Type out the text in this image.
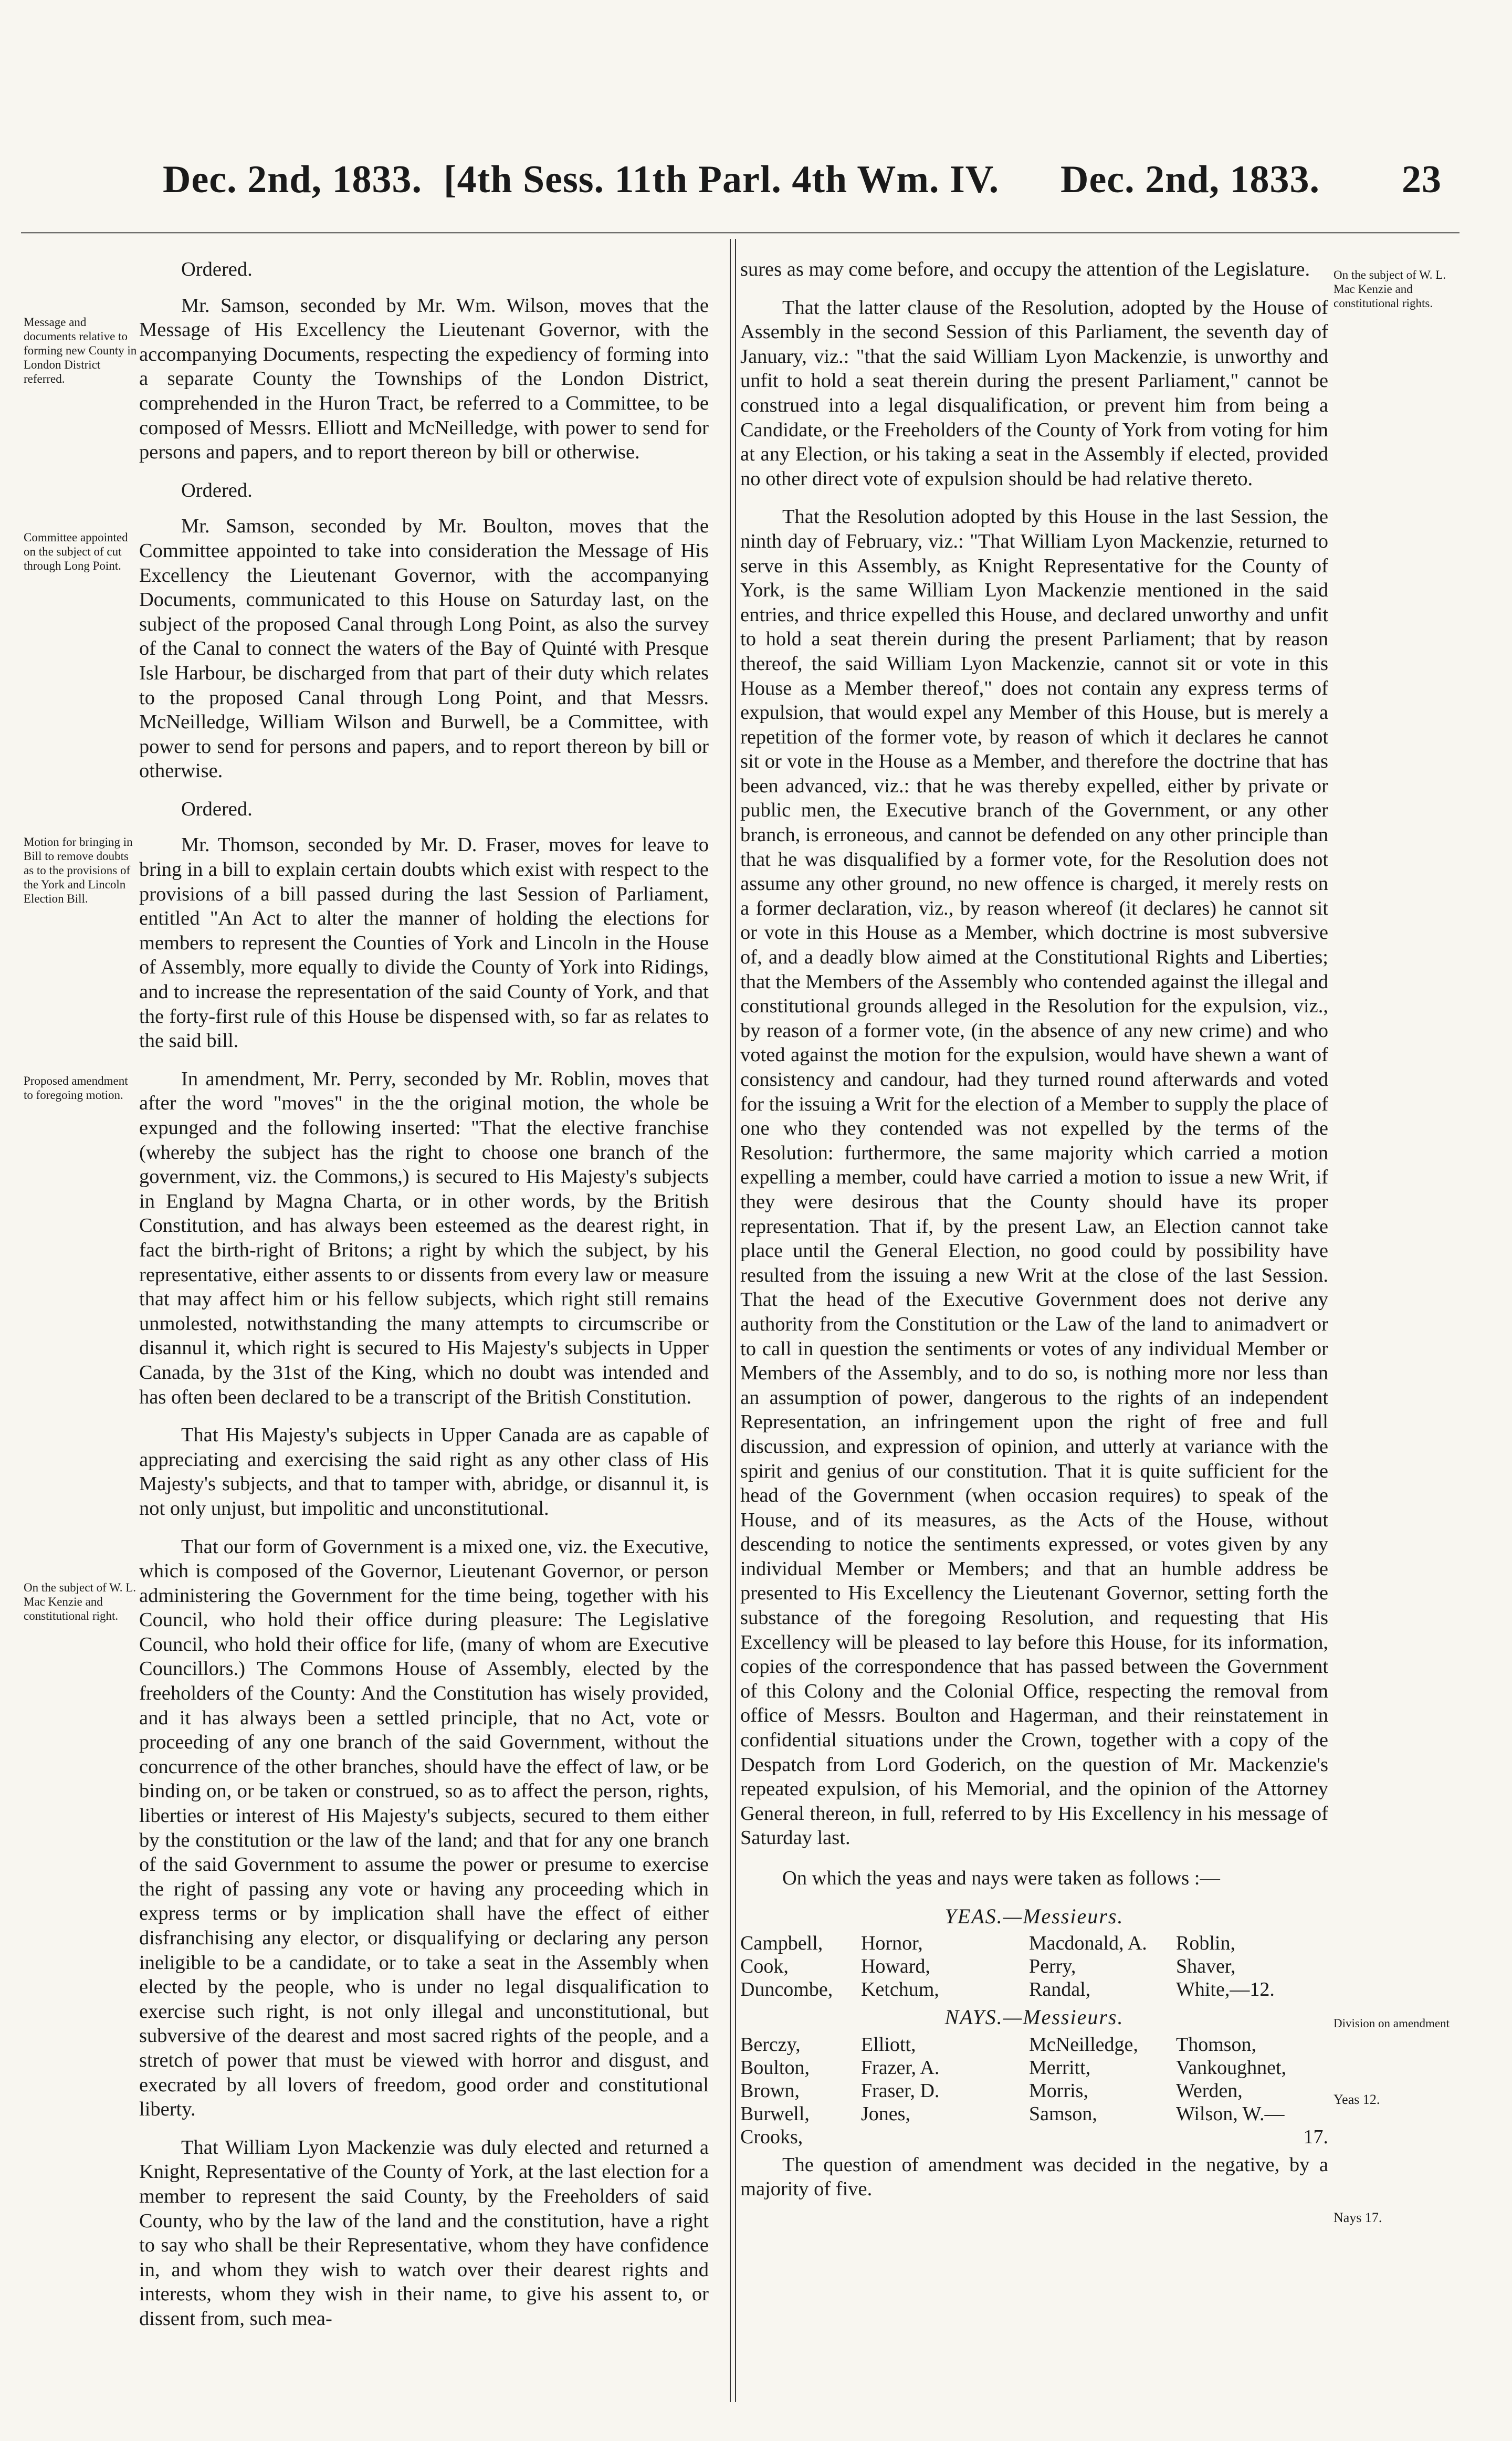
Dec. 2nd, 1833. [4th Sess. 11th Parl. 4th Wm. IV. Dec. 2nd, 1833. 23
Message and documents relative to forming new County in London District referred.
Committee appointed on the subject of cut through Long Point.
Motion for bringing in Bill to remove doubts as to the provisions of the York and Lincoln Election Bill.
Proposed amendment to foregoing motion.
On the subject of W. L. Mac Kenzie and constitutional right.
On the subject of W. L. Mac Kenzie and constitutional rights.
Division on amendment
Yeas 12.
Nays 17.

Ordered.

Mr. Samson, seconded by Mr. Wm. Wilson, moves that the Message of His Excellency the Lieutenant Governor, with the accompanying Documents, respecting the expediency of forming into a separate County the Townships of the London District, comprehended in the Huron Tract, be referred to a Committee, to be composed of Messrs. Elliott and McNeilledge, with power to send for persons and papers, and to report thereon by bill or otherwise.

Ordered.

Mr. Samson, seconded by Mr. Boulton, moves that the Committee appointed to take into consideration the Message of His Excellency the Lieutenant Governor, with the accompanying Documents, communicated to this House on Saturday last, on the subject of the proposed Canal through Long Point, as also the survey of the Canal to connect the waters of the Bay of Quinté with Presque Isle Harbour, be discharged from that part of their duty which relates to the proposed Canal through Long Point, and that Messrs. McNeilledge, William Wilson and Burwell, be a Committee, with power to send for persons and papers, and to report thereon by bill or otherwise.

Ordered.

Mr. Thomson, seconded by Mr. D. Fraser, moves for leave to bring in a bill to explain certain doubts which exist with respect to the provisions of a bill passed during the last Session of Parliament, entitled "An Act to alter the manner of holding the elections for members to represent the Counties of York and Lincoln in the House of Assembly, more equally to divide the County of York into Ridings, and to increase the representation of the said County of York, and that the forty-first rule of this House be dispensed with, so far as relates to the said bill.

In amendment, Mr. Perry, seconded by Mr. Roblin, moves that after the word "moves" in the the original motion, the whole be expunged and the following inserted: "That the elective franchise (whereby the subject has the right to choose one branch of the government, viz. the Commons,) is secured to His Majesty's subjects in England by Magna Charta, or in other words, by the British Constitution, and has always been esteemed as the dearest right, in fact the birth-right of Britons; a right by which the subject, by his representative, either assents to or dissents from every law or measure that may affect him or his fellow subjects, which right still remains unmolested, notwithstanding the many attempts to circumscribe or disannul it, which right is secured to His Majesty's subjects in Upper Canada, by the 31st of the King, which no doubt was intended and has often been declared to be a transcript of the British Constitution.

That His Majesty's subjects in Upper Canada are as capable of appreciating and exercising the said right as any other class of His Majesty's subjects, and that to tamper with, abridge, or disannul it, is not only unjust, but impolitic and unconstitutional.

That our form of Government is a mixed one, viz. the Executive, which is composed of the Governor, Lieutenant Governor, or person administering the Government for the time being, together with his Council, who hold their office during pleasure: The Legislative Council, who hold their office for life, (many of whom are Executive Councillors.) The Commons House of Assembly, elected by the freeholders of the County: And the Constitution has wisely provided, and it has always been a settled principle, that no Act, vote or proceeding of any one branch of the said Government, without the concurrence of the other branches, should have the effect of law, or be binding on, or be taken or construed, so as to affect the person, rights, liberties or interest of His Majesty's subjects, secured to them either by the constitution or the law of the land; and that for any one branch of the said Government to assume the power or presume to exercise the right of passing any vote or having any proceeding which in express terms or by implication shall have the effect of either disfranchising any elector, or disqualifying or declaring any person ineligible to be a candidate, or to take a seat in the Assembly when elected by the people, who is under no legal disqualification to exercise such right, is not only illegal and unconstitutional, but subversive of the dearest and most sacred rights of the people, and a stretch of power that must be viewed with horror and disgust, and execrated by all lovers of freedom, good order and constitutional liberty.

That William Lyon Mackenzie was duly elected and returned a Knight, Representative of the County of York, at the last election for a member to represent the said County, by the Freeholders of said County, who by the law of the land and the constitution, have a right to say who shall be their Representative, whom they have confidence in, and whom they wish to watch over their dearest rights and interests, whom they wish in their name, to give his assent to, or dissent from, such mea-

sures as may come before, and occupy the attention of the Legislature.

That the latter clause of the Resolution, adopted by the House of Assembly in the second Session of this Parliament, the seventh day of January, viz.: "that the said William Lyon Mackenzie, is unworthy and unfit to hold a seat therein during the present Parliament," cannot be construed into a legal disqualification, or prevent him from being a Candidate, or the Freeholders of the County of York from voting for him at any Election, or his taking a seat in the Assembly if elected, provided no other direct vote of expulsion should be had relative thereto.

That the Resolution adopted by this House in the last Session, the ninth day of February, viz.: "That William Lyon Mackenzie, returned to serve in this Assembly, as Knight Representative for the County of York, is the same William Lyon Mackenzie mentioned in the said entries, and thrice expelled this House, and declared unworthy and unfit to hold a seat therein during the present Parliament; that by reason thereof, the said William Lyon Mackenzie, cannot sit or vote in this House as a Member thereof," does not contain any express terms of expulsion, that would expel any Member of this House, but is merely a repetition of the former vote, by reason of which it declares he cannot sit or vote in the House as a Member, and therefore the doctrine that has been advanced, viz.: that he was thereby expelled, either by private or public men, the Executive branch of the Government, or any other branch, is erroneous, and cannot be defended on any other principle than that he was disqualified by a former vote, for the Resolution does not assume any other ground, no new offence is charged, it merely rests on a former declaration, viz., by reason whereof (it declares) he cannot sit or vote in this House as a Member, which doctrine is most subversive of, and a deadly blow aimed at the Constitutional Rights and Liberties; that the Members of the Assembly who contended against the illegal and constitutional grounds alleged in the Resolution for the expulsion, viz., by reason of a former vote, (in the absence of any new crime) and who voted against the motion for the expulsion, would have shewn a want of consistency and candour, had they turned round afterwards and voted for the issuing a Writ for the election of a Member to supply the place of one who they contended was not expelled by the terms of the Resolution: furthermore, the same majority which carried a motion expelling a member, could have carried a motion to issue a new Writ, if they were desirous that the County should have its proper representation. That if, by the present Law, an Election cannot take place until the General Election, no good could by possibility have resulted from the issuing a new Writ at the close of the last Session. That the head of the Executive Government does not derive any authority from the Constitution or the Law of the land to animadvert or to call in question the sentiments or votes of any individual Member or Members of the Assembly, and to do so, is nothing more nor less than an assumption of power, dangerous to the rights of an independent Representation, an infringement upon the right of free and full discussion, and expression of opinion, and utterly at variance with the spirit and genius of our constitution. That it is quite sufficient for the head of the Government (when occasion requires) to speak of the House, and of its measures, as the Acts of the House, without descending to notice the sentiments expressed, or votes given by any individual Member or Members; and that an humble address be presented to His Excellency the Lieutenant Governor, setting forth the substance of the foregoing Resolution, and requesting that His Excellency will be pleased to lay before this House, for its information, copies of the correspondence that has passed between the Government of this Colony and the Colonial Office, respecting the removal from office of Messrs. Boulton and Hagerman, and their reinstatement in confidential situations under the Crown, together with a copy of the Despatch from Lord Goderich, on the question of Mr. Mackenzie's repeated expulsion, of his Memorial, and the opinion of the Attorney General thereon, in full, referred to by His Excellency in his message of Saturday last.

On which the yeas and nays were taken as follows :—

YEAS.—Messieurs.
Campbell,	Hornor,	Macdonald, A.	Roblin,
Cook,	Howard,	Perry,	Shaver,
Duncombe,	Ketchum,	Randal,	White,—12.
NAYS.—Messieurs.
Berczy,	Elliott,	McNeilledge,	Thomson,
Boulton,	Frazer, A.	Merritt,	Vankoughnet,
Brown,	Fraser, D.	Morris,	Werden,
Burwell,	Jones,	Samson,	Wilson, W.—
Crooks,	17.

The question of amendment was decided in the negative, by a majority of five.
